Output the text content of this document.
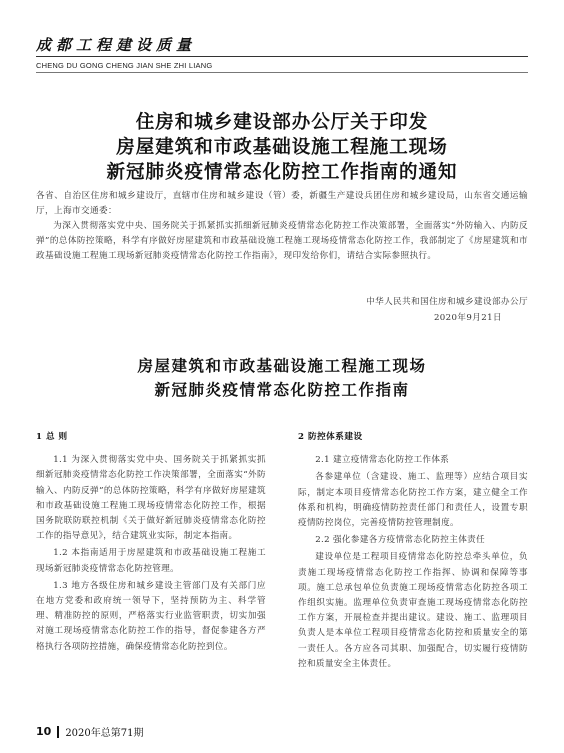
成都工程建设质量
CHENG DU GONG CHENG JIAN SHE ZHI LIANG
住房和城乡建设部办公厅关于印发
房屋建筑和市政基础设施工程施工现场
新冠肺炎疫情常态化防控工作指南的通知
各省、自治区住房和城乡建设厅，直辖市住房和城乡建设（管）委，新疆生产建设兵团住房和城乡建设局，山东省交通运输厅，上海市交通委：
为深入贯彻落实党中央、国务院关于抓紧抓实抓细新冠肺炎疫情常态化防控工作决策部署，全面落实“外防输入、内防反弹”的总体防控策略，科学有序做好房屋建筑和市政基础设施工程施工现场疫情常态化防控工作，我部制定了《房屋建筑和市政基础设施工程施工现场新冠肺炎疫情常态化防控工作指南》，现印发给你们，请结合实际参照执行。
中华人民共和国住房和城乡建设部办公厅
2020年9月21日
房屋建筑和市政基础设施工程施工现场
新冠肺炎疫情常态化防控工作指南
1 总 则

1.1 为深入贯彻落实党中央、国务院关于抓紧抓实抓细新冠肺炎疫情常态化防控工作决策部署，全面落实“外防输入、内防反弹”的总体防控策略，科学有序做好房屋建筑和市政基础设施工程施工现场疫情常态化防控工作，根据国务院联防联控机制《关于做好新冠肺炎疫情常态化防控工作的指导意见》，结合建筑业实际，制定本指南。

1.2 本指南适用于房屋建筑和市政基础设施工程施工现场新冠肺炎疫情常态化防控管理。

1.3 地方各级住房和城乡建设主管部门及有关部门应在地方党委和政府统一领导下，坚持预防为主、科学管理、精准防控的原则，严格落实行业监管职责，切实加强对施工现场疫情常态化防控工作的指导，督促参建各方严格执行各项防控措施，确保疫情常态化防控到位。

2 防控体系建设

2.1 建立疫情常态化防控工作体系

各参建单位（含建设、施工、监理等）应结合项目实际，制定本项目疫情常态化防控工作方案，建立健全工作体系和机构，明确疫情防控责任部门和责任人，设置专职疫情防控岗位，完善疫情防控管理制度。

2.2 强化参建各方疫情常态化防控主体责任

建设单位是工程项目疫情常态化防控总牵头单位，负责施工现场疫情常态化防控工作指挥、协调和保障等事项。施工总承包单位负责施工现场疫情常态化防控各项工作组织实施。监理单位负责审查施工现场疫情常态化防控工作方案，开展检查并提出建议。建设、施工、监理项目负责人是本单位工程项目疫情常态化防控和质量安全的第一责任人。各方应各司其职、加强配合，切实履行疫情防控和质量安全主体责任。

10 2020年总第71期
